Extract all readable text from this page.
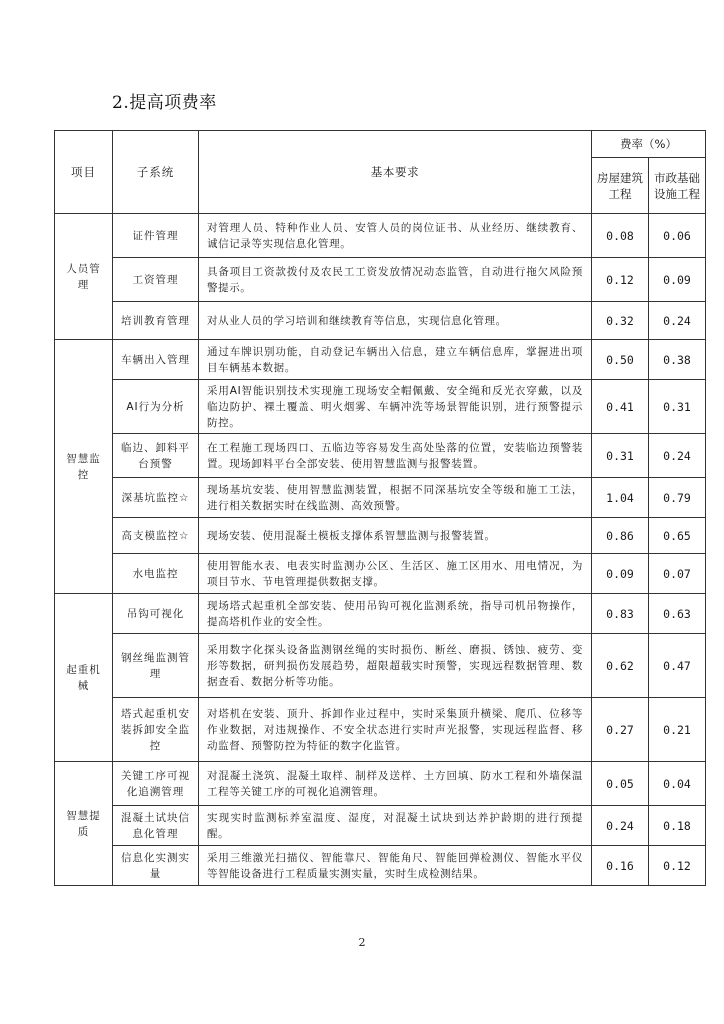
2.提高项费率
项目	子系统	基本要求	费率（%）	
			房屋建筑工程	市政基础设施工程
人员管理	证件管理	对管理人员、特种作业人员、安管人员的岗位证书、从业经历、继续教育、诚信记录等实现信息化管理。	0.08	0.06
	工资管理	具备项目工资款拨付及农民工工资发放情况动态监管，自动进行拖欠风险预警提示。	0.12	0.09
	培训教育管理	对从业人员的学习培训和继续教育等信息，实现信息化管理。	0.32	0.24
智慧监控	车辆出入管理	通过车牌识别功能，自动登记车辆出入信息，建立车辆信息库，掌握进出项目车辆基本数据。	0.50	0.38
	AI行为分析	采用AI智能识别技术实现施工现场安全帽佩戴、安全绳和反光衣穿戴，以及临边防护、裸土覆盖、明火烟雾、车辆冲洗等场景智能识别，进行预警提示防控。	0.41	0.31
	临边、卸料平台预警	在工程施工现场四口、五临边等容易发生高处坠落的位置，安装临边预警装置。现场卸料平台全部安装、使用智慧监测与报警装置。	0.31	0.24
	深基坑监控☆	现场基坑安装、使用智慧监测装置，根据不同深基坑安全等级和施工工法，进行相关数据实时在线监测、高效预警。	1.04	0.79
	高支模监控☆	现场安装、使用混凝土模板支撑体系智慧监测与报警装置。	0.86	0.65
	水电监控	使用智能水表、电表实时监测办公区、生活区、施工区用水、用电情况，为项目节水、节电管理提供数据支撑。	0.09	0.07
起重机械	吊钩可视化	现场塔式起重机全部安装、使用吊钩可视化监测系统，指导司机吊物操作，提高塔机作业的安全性。	0.83	0.63
	钢丝绳监测管理	采用数字化探头设备监测钢丝绳的实时损伤、断丝、磨损、锈蚀、疲劳、变形等数据，研判损伤发展趋势，超限超载实时预警，实现远程数据管理、数据查看、数据分析等功能。	0.62	0.47
	塔式起重机安装拆卸安全监控	对塔机在安装、顶升、拆卸作业过程中，实时采集顶升横梁、爬爪、位移等作业数据，对违规操作、不安全状态进行实时声光报警，实现远程监督、移动监督、预警防控为特征的数字化监管。	0.27	0.21
智慧提质	关键工序可视化追溯管理	对混凝土浇筑、混凝土取样、制样及送样、土方回填、防水工程和外墙保温工程等关键工序的可视化追溯管理。	0.05	0.04
	混凝土试块信息化管理	实现实时监测标养室温度、湿度，对混凝土试块到达养护龄期的进行预提醒。	0.24	0.18
	信息化实测实量	采用三维激光扫描仪、智能靠尺、智能角尺、智能回弹检测仪、智能水平仪等智能设备进行工程质量实测实量，实时生成检测结果。	0.16	0.12
2
